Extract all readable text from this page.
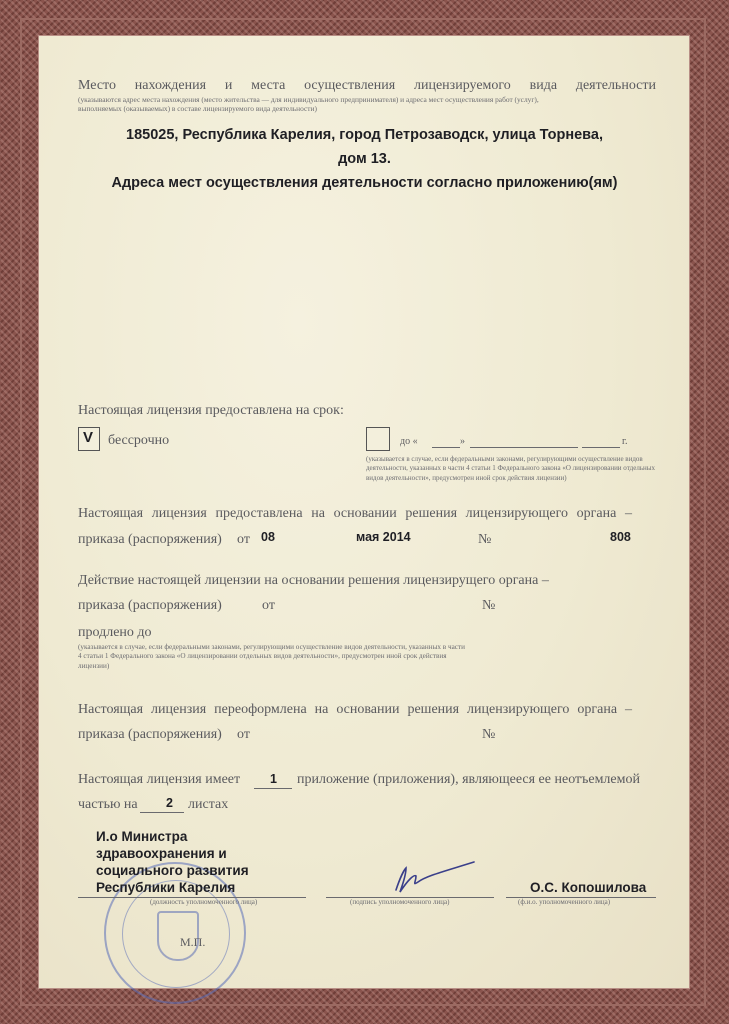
Место нахождения и места осуществления лицензируемого вида деятельности
(указываются адрес места нахождения (место жительства — для индивидуального предпринимателя) и адреса мест осуществления работ (услуг),
выполняемых (оказываемых) в составе лицензируемого вида деятельности)
185025, Республика Карелия, город Петрозаводск, улица Торнева,
дом 13.
Адреса мест осуществления деятельности согласно приложению(ям)
Настоящая лицензия предоставлена на срок:
V бессрочно	до «	»	г.
(указывается в случае, если федеральными законами, регулирующими осуществление видов деятельности, указанных в части 4 статьи 1 Федерального закона «О лицензировании отдельных видов деятельности», предусмотрен иной срок действия лицензии)
Настоящая лицензия предоставлена на основании решения лицензирующего органа –
приказа (распоряжения) от 08	мая 2014	№	808
Действие настоящей лицензии на основании решения лицензирущего органа –
приказа (распоряжения)	от	№
продлено до
(указывается в случае, если федеральными законами, регулирующими осуществление видов деятельности, указанных в части 4 статьи 1 Федерального закона «О лицензировании отдельных видов деятельности», предусмотрен иной срок действия лицензии)
Настоящая лицензия переоформлена на основании решения лицензирующего органа –
приказа (распоряжения) от	№
Настоящая лицензия имеет 1 приложение (приложения), являющееся ее неотъемлемой
частью на 2 листах
И.о Министра
здравоохранения и
социального развития
Республики Карелия	О.С. Копошилова
(должность уполномоченного лица)	(подпись уполномоченного лица)	(ф.и.о. уполномоченного лица)
М.П.
